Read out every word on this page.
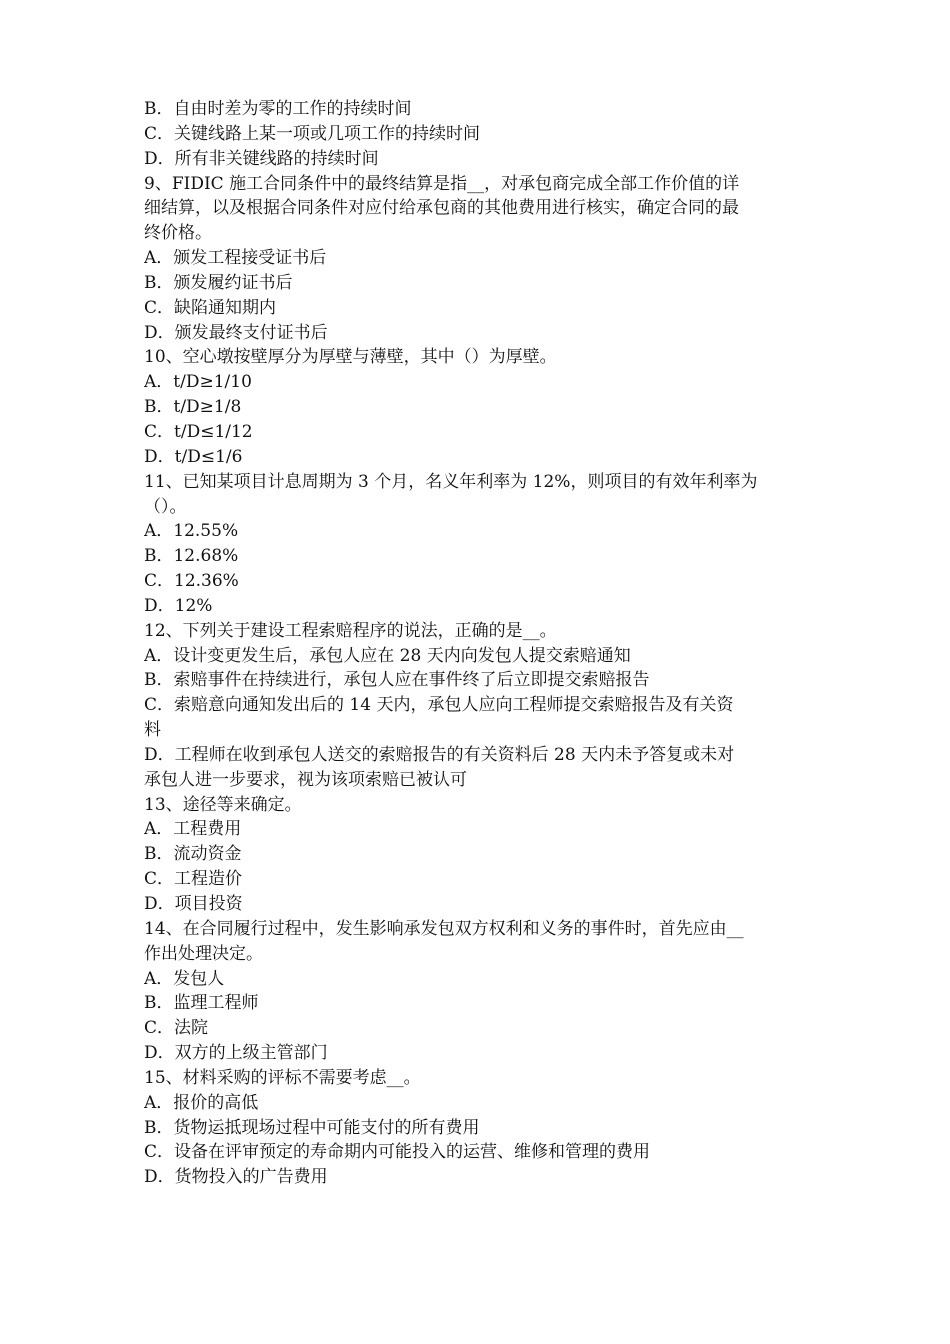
B．自由时差为零的工作的持续时间

C．关键线路上某一项或几项工作的持续时间

D．所有非关键线路的持续时间

9、FIDIC 施工合同条件中的最终结算是指__，对承包商完成全部工作价值的详

细结算，以及根据合同条件对应付给承包商的其他费用进行核实，确定合同的最

终价格。

A．颁发工程接受证书后

B．颁发履约证书后

C．缺陷通知期内

D．颁发最终支付证书后

10、空心墩按壁厚分为厚壁与薄壁，其中（）为厚壁。

A．t/D≥1/10

B．t/D≥1/8

C．t/D≤1/12

D．t/D≤1/6

11、已知某项目计息周期为 3 个月，名义年利率为 12%，则项目的有效年利率为

（）。

A．12.55%

B．12.68%

C．12.36%

D．12%

12、下列关于建设工程索赔程序的说法，正确的是__。

A．设计变更发生后，承包人应在 28 天内向发包人提交索赔通知

B．索赔事件在持续进行，承包人应在事件终了后立即提交索赔报告

C．索赔意向通知发出后的 14 天内，承包人应向工程师提交索赔报告及有关资

料

D．工程师在收到承包人送交的索赔报告的有关资料后 28 天内未予答复或未对

承包人进一步要求，视为该项索赔已被认可

13、途径等来确定。

A．工程费用

B．流动资金

C．工程造价

D．项目投资

14、在合同履行过程中，发生影响承发包双方权利和义务的事件时，首先应由__

作出处理决定。

A．发包人

B．监理工程师

C．法院

D．双方的上级主管部门

15、材料采购的评标不需要考虑__。

A．报价的高低

B．货物运抵现场过程中可能支付的所有费用

C．设备在评审预定的寿命期内可能投入的运营、维修和管理的费用

D．货物投入的广告费用
